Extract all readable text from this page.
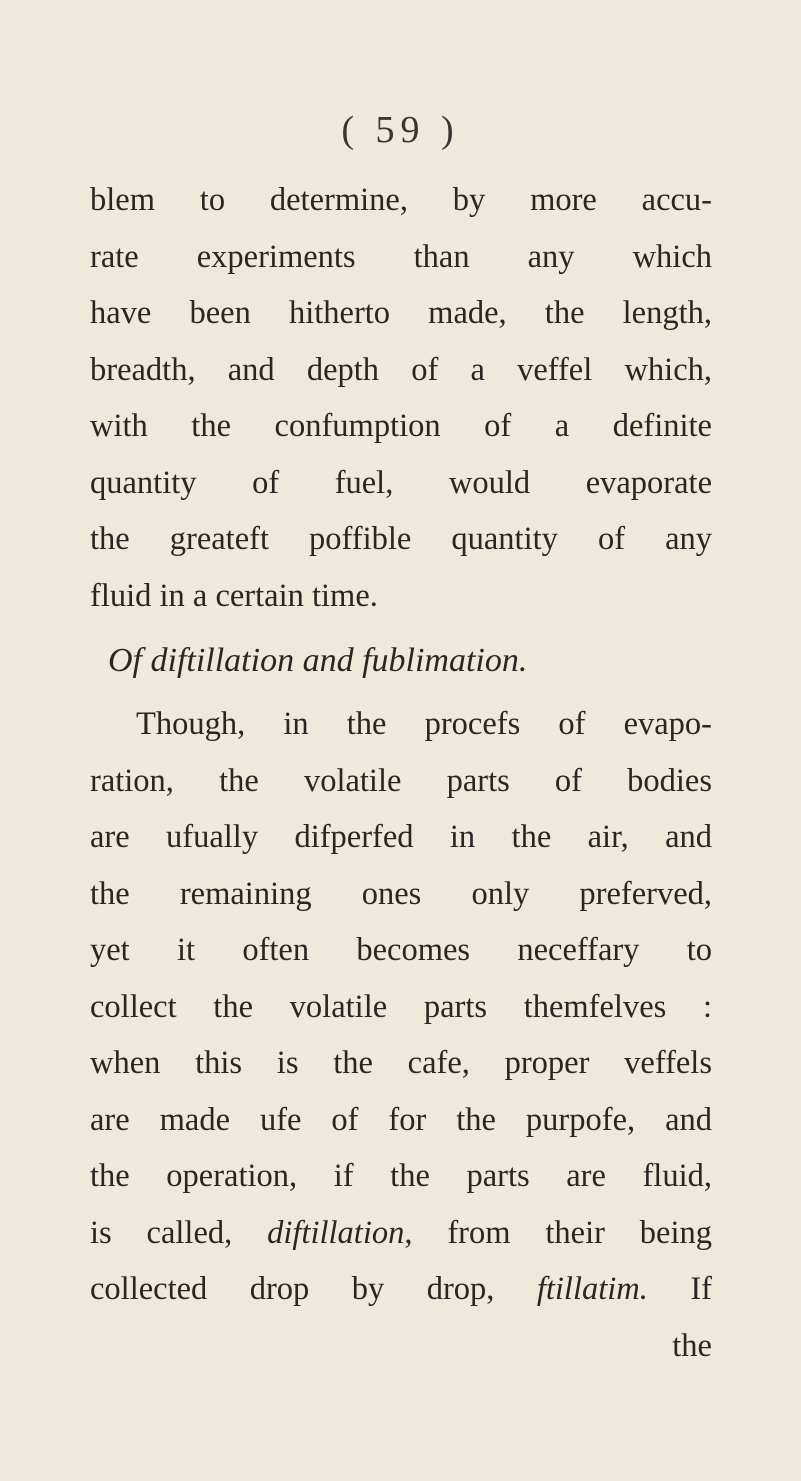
( 59 )
blem to determine, by more accu-
rate experiments than any which
have been hitherto made, the length,
breadth, and depth of a veffel which,
with the confumption of a definite
quantity of fuel, would evaporate
the greateft poffible quantity of any
fluid in a certain time.
Of diftillation and fublimation.
Though, in the procefs of evapo-
ration, the volatile parts of bodies
are ufually difperfed in the air, and
the remaining ones only preferved,
yet it often becomes neceffary to
collect the volatile parts themfelves :
when this is the cafe, proper veffels
are made ufe of for the purpofe, and
the operation, if the parts are fluid,
is called, diftillation, from their being
collected drop by drop, ftillatim. If
the
